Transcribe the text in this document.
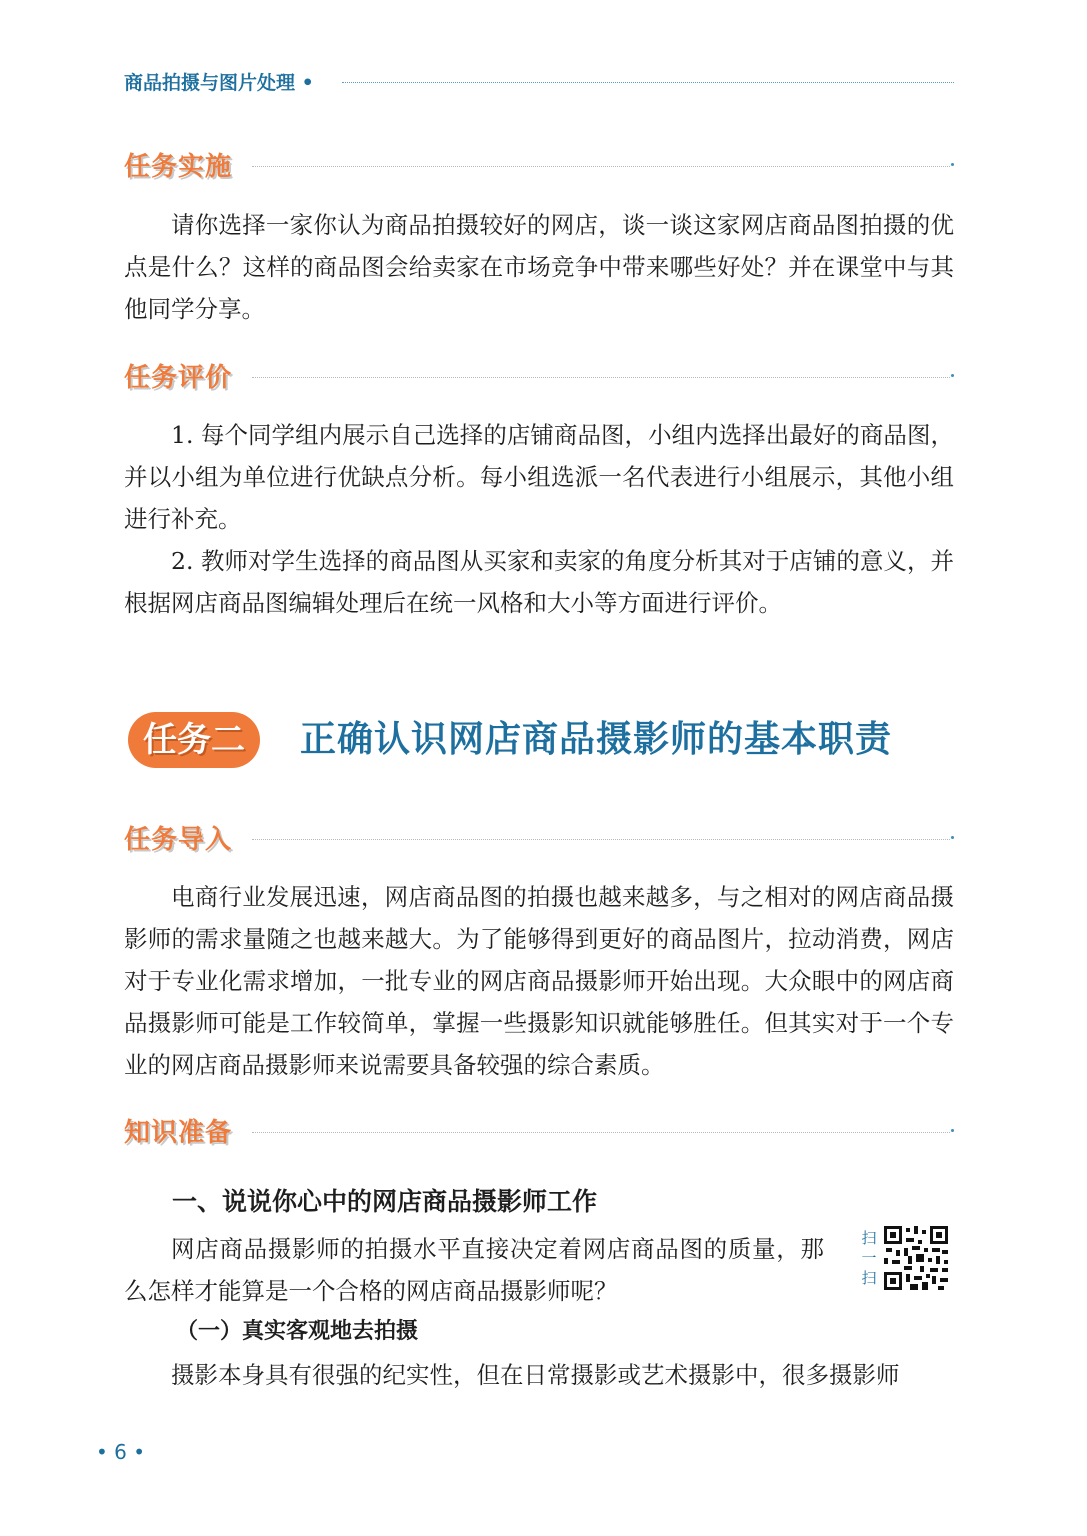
商品拍摄与图片处理 •
任务实施

请你选择一家你认为商品拍摄较好的网店，谈一谈这家网店商品图拍摄的优点是什么？这样的商品图会给卖家在市场竞争中带来哪些好处？并在课堂中与其他同学分享。

任务评价

1. 每个同学组内展示自己选择的店铺商品图，小组内选择出最好的商品图，并以小组为单位进行优缺点分析。每小组选派一名代表进行小组展示，其他小组进行补充。

2. 教师对学生选择的商品图从买家和卖家的角度分析其对于店铺的意义，并根据网店商品图编辑处理后在统一风格和大小等方面进行评价。

任务二	正确认识网店商品摄影师的基本职责
任务导入

电商行业发展迅速，网店商品图的拍摄也越来越多，与之相对的网店商品摄影师的需求量随之也越来越大。为了能够得到更好的商品图片，拉动消费，网店对于专业化需求增加，一批专业的网店商品摄影师开始出现。大众眼中的网店商品摄影师可能是工作较简单，掌握一些摄影知识就能够胜任。但其实对于一个专业的网店商品摄影师来说需要具备较强的综合素质。

知识准备
一、说说你心中的网店商品摄影师工作

网店商品摄影师的拍摄水平直接决定着网店商品图的质量，那么怎样才能算是一个合格的网店商品摄影师呢？

扫一扫
（一）真实客观地去拍摄

摄影本身具有很强的纪实性，但在日常摄影或艺术摄影中，很多摄影师

• 6 •
